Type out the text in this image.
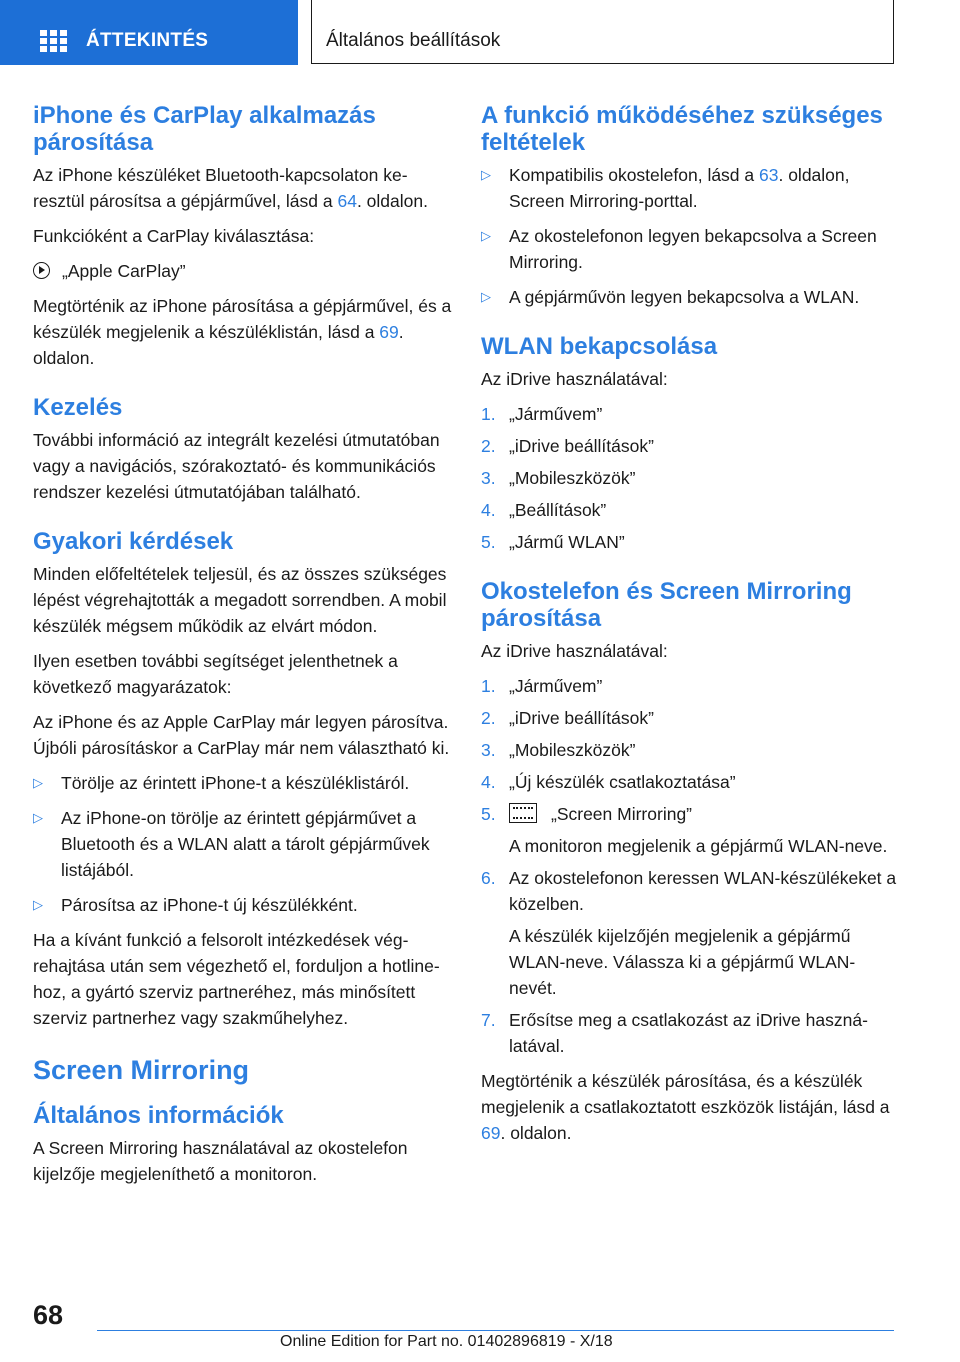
ÁTTEKINTÉS	Általános beállítások
iPhone és CarPlay alkalmazás párosítása

Az iPhone készüléket Bluetooth-kapcsolaton keresztül párosítsa a gépjárművel, lásd a 64. oldalon.

Funkcióként a CarPlay kiválasztása:

„Apple CarPlay”

Megtörténik az iPhone párosítása a gépjárművel, és a készülék megjelenik a készüléklistán, lásd a 69. oldalon.

Kezelés

További információ az integrált kezelési útmutatóban vagy a navigációs, szórakoztató- és kommunikációs rendszer kezelési útmutatójában található.

Gyakori kérdések

Minden előfeltételek teljesül, és az összes szükséges lépést végrehajtották a megadott sorrendben. A mobil készülék mégsem működik az elvárt módon.

Ilyen esetben további segítséget jelenthetnek a következő magyarázatok:

Az iPhone és az Apple CarPlay már legyen párosítva. Újbóli párosításkor a CarPlay már nem választható ki.

▷ Törölje az érintett iPhone-t a készüléklistáról.
▷ Az iPhone-on törölje az érintett gépjárművet a Bluetooth és a WLAN alatt a tárolt gépjárművek listájából.
▷ Párosítsa az iPhone-t új készülékként.

Ha a kívánt funkció a felsorolt intézkedések végrehajtása után sem végezhető el, forduljon a hotline-hoz, a gyártó szerviz partneréhez, más minősített szerviz partnerhez vagy szakműhelyhez.

Screen Mirroring
Általános információk

A Screen Mirroring használatával az okostelefon kijelzője megjeleníthető a monitoron.

A funkció működéséhez szükséges feltételek
▷ Kompatibilis okostelefon, lásd a 63. oldalon, Screen Mirroring-porttal.
▷ Az okostelefonon legyen bekapcsolva a Screen Mirroring.
▷ A gépjárművön legyen bekapcsolva a WLAN.
WLAN bekapcsolása

Az iDrive használatával:

1. „Járművem”
2. „iDrive beállítások”
3. „Mobileszközök”
4. „Beállítások”
5. „Jármű WLAN”
Okostelefon és Screen Mirroring párosítása

Az iDrive használatával:

1. „Járművem”
2. „iDrive beállítások”
3. „Mobileszközök”
4. „Új készülék csatlakoztatása”
5.	„Screen Mirroring”
A monitoron megjelenik a gépjármű WLAN-neve.
6. Az okostelefonon keressen WLAN-készülékeket a közelben.
A készülék kijelzőjén megjelenik a gépjármű WLAN-neve. Válassza ki a gépjármű WLAN-nevét.
7. Erősítse meg a csatlakozást az iDrive használatával.

Megtörténik a készülék párosítása, és a készülék megjelenik a csatlakoztatott eszközök listáján, lásd a 69. oldalon.

68
Online Edition for Part no. 01402896819 - X/18
